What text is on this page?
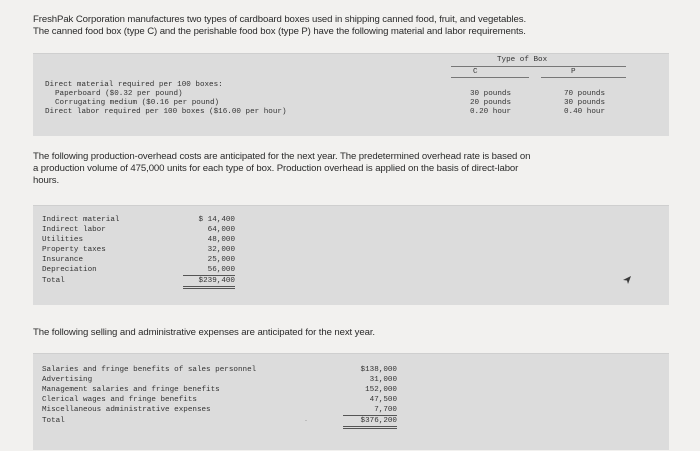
FreshPak Corporation manufactures two types of cardboard boxes used in shipping canned food, fruit, and vegetables.
The canned food box (type C) and the perishable food box (type P) have the following material and labor requirements.
Type of Box
C	P
Direct material required per 100 boxes:
Paperboard ($0.32 per pound)
Corrugating medium ($0.16 per pound)
Direct labor required per 100 boxes ($16.00 per hour)
30 pounds
20 pounds
0.20 hour
70 pounds
30 pounds
0.40 hour
The following production-overhead costs are anticipated for the next year. The predetermined overhead rate is based on
a production volume of 475,000 units for each type of box. Production overhead is applied on the basis of direct-labor
hours.
Indirect material
Indirect labor
Utilities
Property taxes
Insurance
Depreciation
Total
$ 14,400
64,000
48,000
32,000
25,000
56,000
$239,400
The following selling and administrative expenses are anticipated for the next year.
Salaries and fringe benefits of sales personnel
Advertising
Management salaries and fringe benefits
Clerical wages and fringe benefits
Miscellaneous administrative expenses
Total
$138,000
31,000
152,000
47,500
7,700
$376,200
·
